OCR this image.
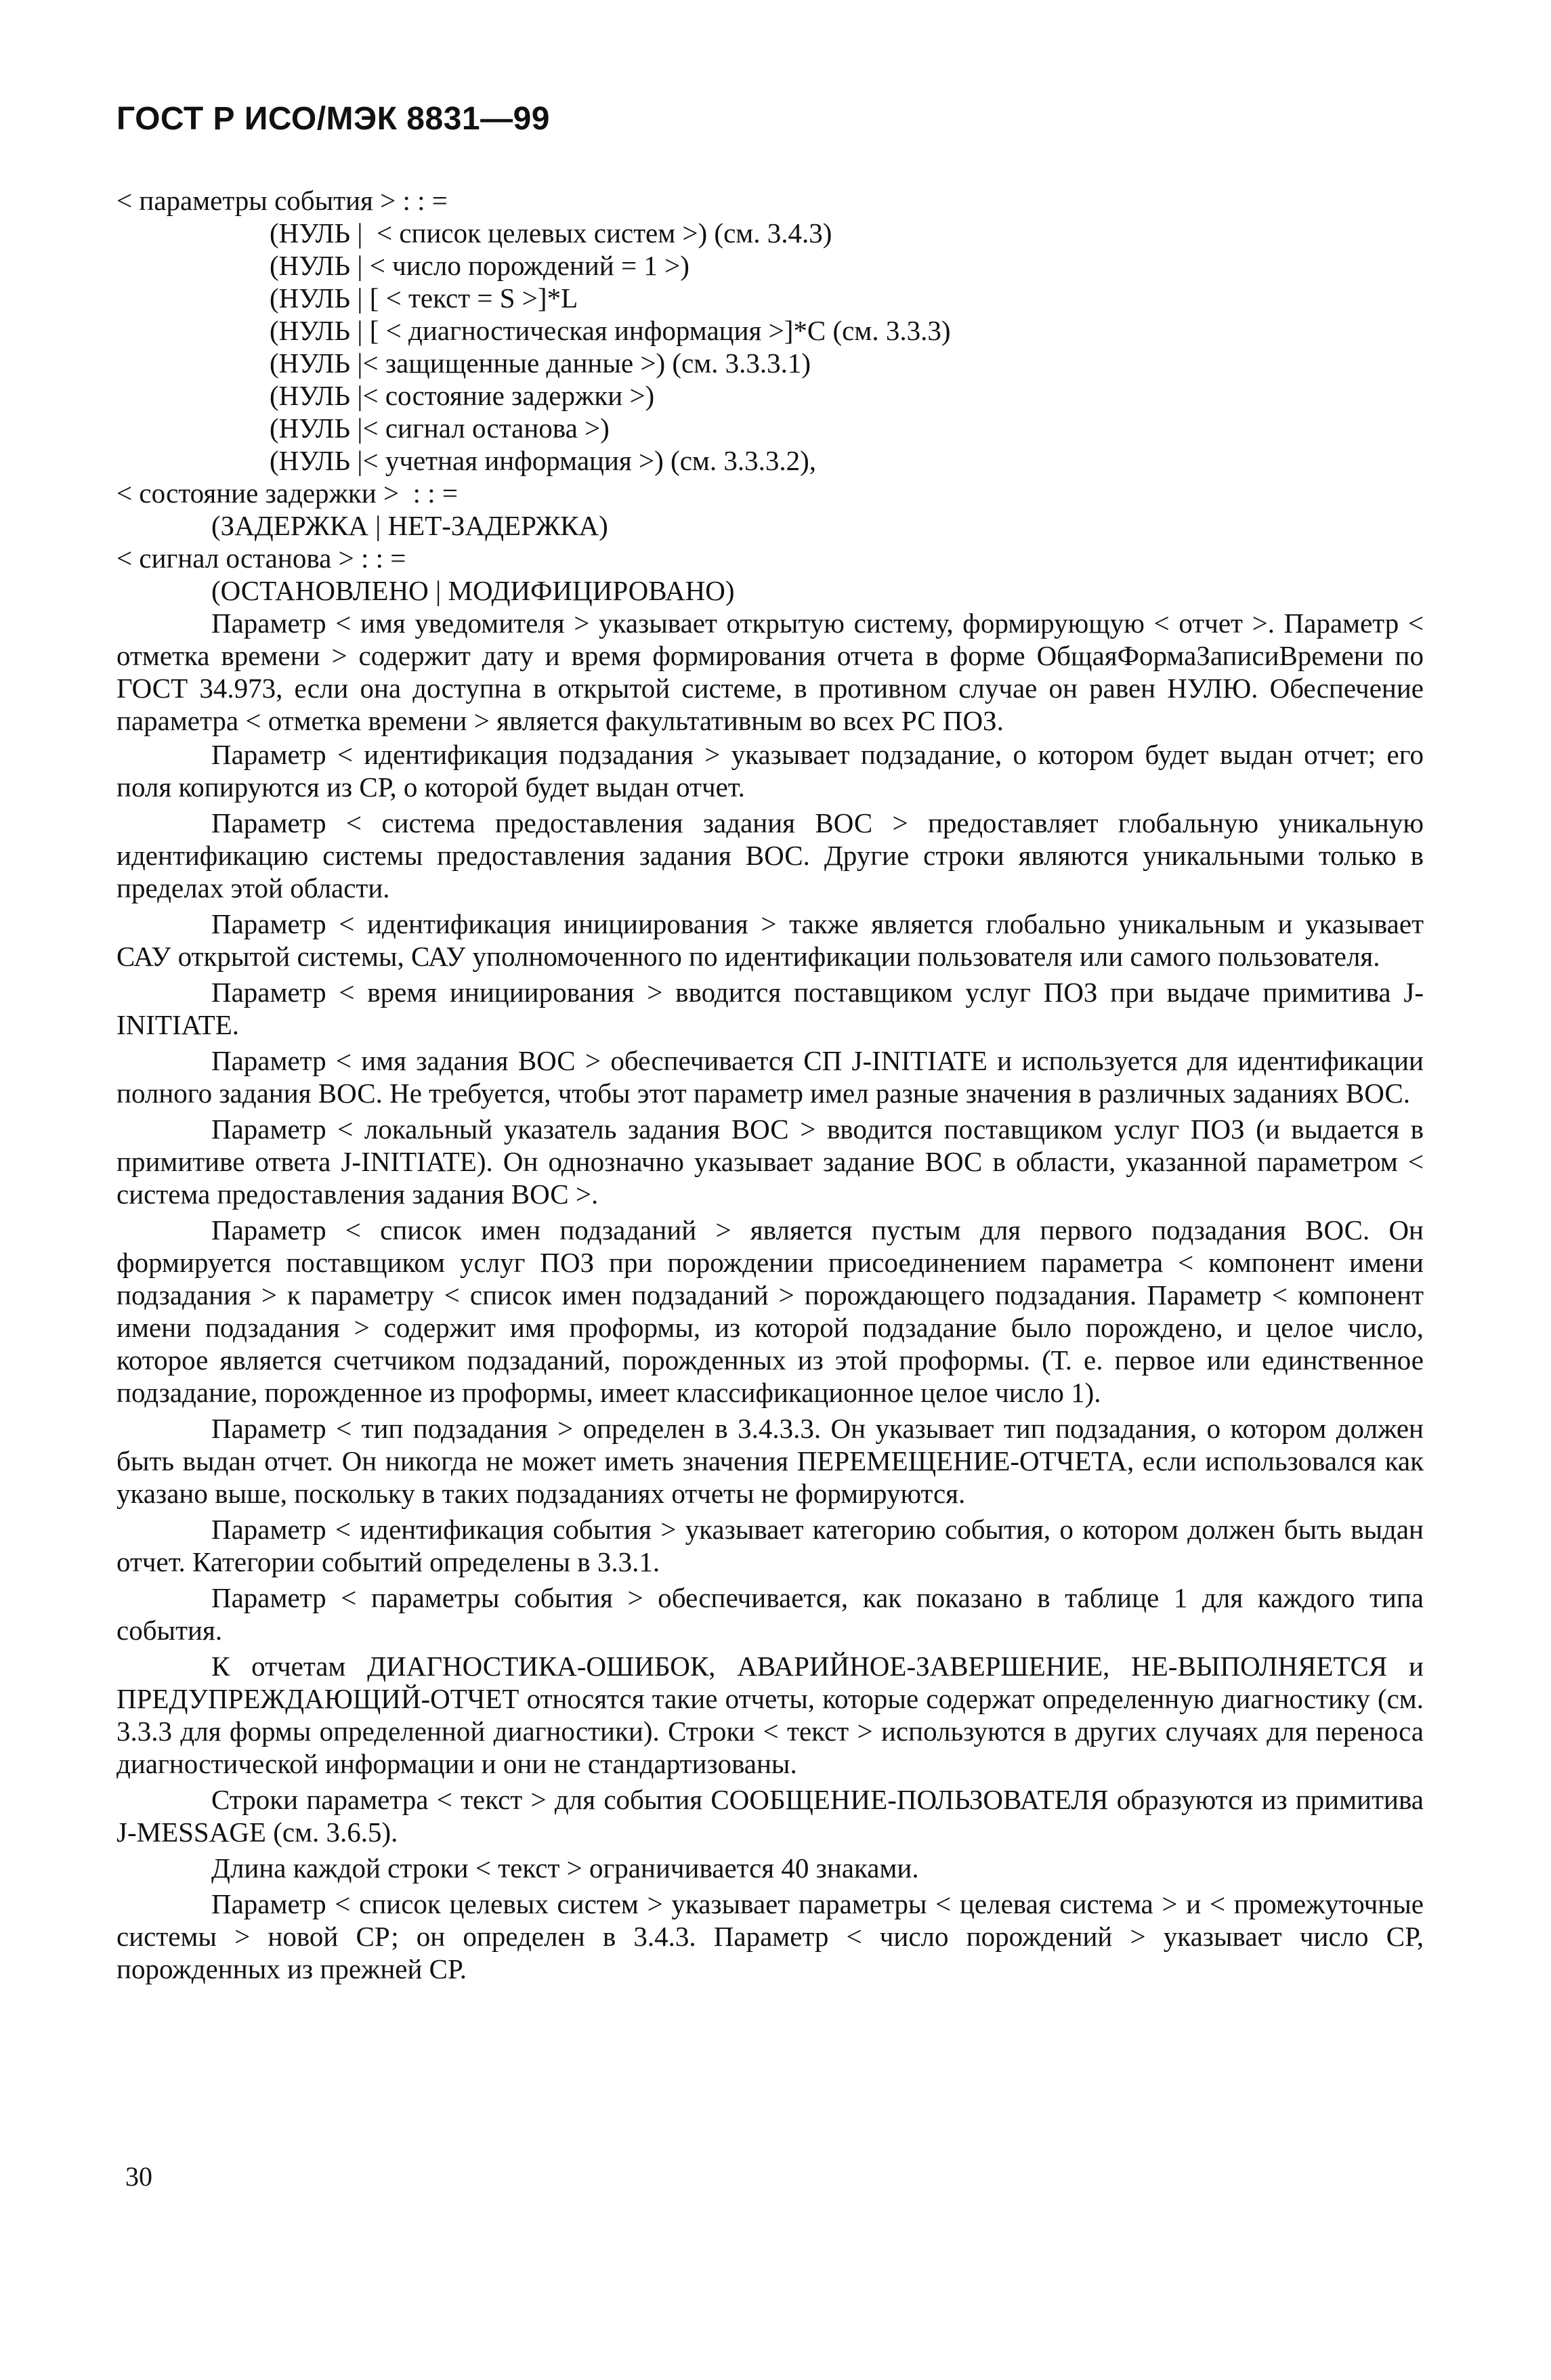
ГОСТ Р ИСО/МЭК 8831—99
< параметры события > : : =
(НУЛЬ |  < список целевых систем >) (см. 3.4.3)
(НУЛЬ | < число порождений = 1 >)
(НУЛЬ | [ < текст = S >]*L
(НУЛЬ | [ < диагностическая информация >]*С (см. 3.3.3)
(НУЛЬ |< защищенные данные >) (см. 3.3.3.1)
(НУЛЬ |< состояние задержки >)
(НУЛЬ |< сигнал останова >)
(НУЛЬ |< учетная информация >) (см. 3.3.3.2),
< состояние задержки >  : : =
(ЗАДЕРЖКА | НЕТ-ЗАДЕРЖКА)
< сигнал останова > : : =
(ОСТАНОВЛЕНО | МОДИФИЦИРОВАНО)

Параметр < имя уведомителя > указывает открытую систему, формирующую < отчет >. Параметр < отметка времени > содержит дату и время формирования отчета в форме ОбщаяФормаЗаписиВремени по ГОСТ 34.973, если она доступна в открытой системе, в противном случае он равен НУЛЮ. Обеспечение параметра < отметка времени > является факультативным во всех РС ПОЗ.

Параметр < идентификация подзадания > указывает подзадание, о котором будет выдан отчет; его поля копируются из СР, о которой будет выдан отчет.

Параметр < система предоставления задания ВОС > предоставляет глобальную уникальную идентификацию системы предоставления задания ВОС. Другие строки являются уникальными только в пределах этой области.

Параметр < идентификация инициирования > также является глобально уникальным и указывает САУ открытой системы, САУ уполномоченного по идентификации пользователя или самого пользователя.

Параметр < время инициирования > вводится поставщиком услуг ПОЗ при выдаче примитива J-INITIATE.

Параметр < имя задания ВОС > обеспечивается СП J-INITIATE и используется для идентификации полного задания ВОС. Не требуется, чтобы этот параметр имел разные значения в различных заданиях ВОС.

Параметр < локальный указатель задания ВОС > вводится поставщиком услуг ПОЗ (и выдается в примитиве ответа J-INITIATE). Он однозначно указывает задание ВОС в области, указанной параметром < система предоставления задания ВОС >.

Параметр < список имен подзаданий > является пустым для первого подзадания ВОС. Он формируется поставщиком услуг ПОЗ при порождении присоединением параметра < компонент имени подзадания > к параметру < список имен подзаданий > порождающего подзадания. Параметр < компонент имени подзадания > содержит имя проформы, из которой подзадание было порождено, и целое число, которое является счетчиком подзаданий, порожденных из этой проформы. (Т. е. первое или единственное подзадание, порожденное из проформы, имеет классификационное целое число 1).

Параметр < тип подзадания > определен в 3.4.3.3. Он указывает тип подзадания, о котором должен быть выдан отчет. Он никогда не может иметь значения ПЕРЕМЕЩЕНИЕ-ОТЧЕТА, если использовался как указано выше, поскольку в таких подзаданиях отчеты не формируются.

Параметр < идентификация события > указывает категорию события, о котором должен быть выдан отчет. Категории событий определены в 3.3.1.

Параметр < параметры события > обеспечивается, как показано в таблице 1 для каждого типа события.

К отчетам ДИАГНОСТИКА-ОШИБОК, АВАРИЙНОЕ-ЗАВЕРШЕНИЕ, НЕ-ВЫПОЛНЯЕТСЯ и ПРЕДУПРЕЖДАЮЩИЙ-ОТЧЕТ относятся такие отчеты, которые содержат определенную диагностику (см. 3.3.3 для формы определенной диагностики). Строки < текст > используются в других случаях для переноса диагностической информации и они не стандартизованы.

Строки параметра < текст > для события СООБЩЕНИЕ-ПОЛЬЗОВАТЕЛЯ образуются из примитива J-MESSAGE (см. 3.6.5).

Длина каждой строки < текст > ограничивается 40 знаками.

Параметр < список целевых систем > указывает параметры < целевая система > и < промежуточные системы > новой СР; он определен в 3.4.3. Параметр < число порождений > указывает число СР, порожденных из прежней СР.

30
